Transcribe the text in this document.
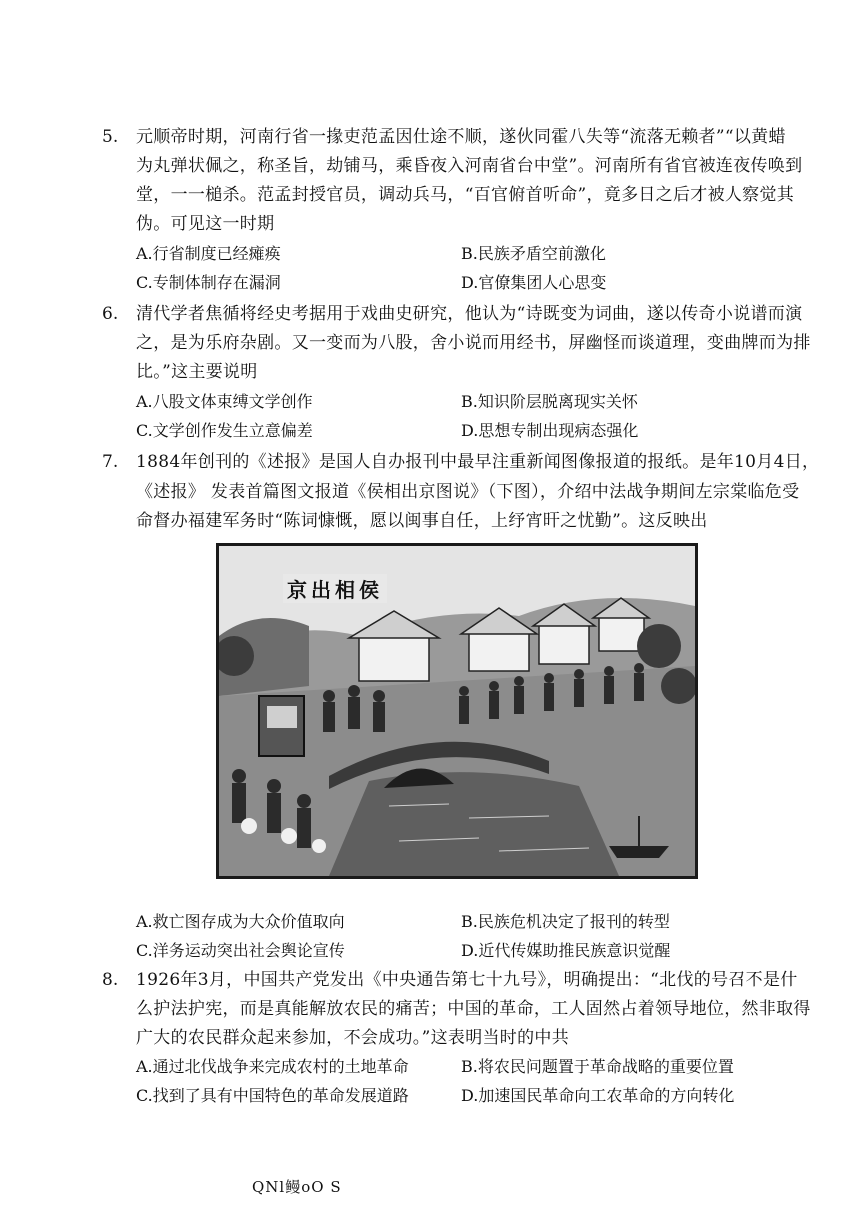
5. 元顺帝时期，河南行省一掾吏范孟因仕途不顺，遂伙同霍八失等“流落无赖者”“以黄蜡
为丸弹状佩之，称圣旨，劫铺马，乘昏夜入河南省台中堂”。河南所有省官被连夜传唤到
堂，一一槌杀。范孟封授官员，调动兵马，“百官俯首听命”，竟多日之后才被人察觉其
伪。可见这一时期
A.行省制度已经瘫痪	B.民族矛盾空前激化
C.专制体制存在漏洞	D.官僚集团人心思变
6. 清代学者焦循将经史考据用于戏曲史研究，他认为“诗既变为词曲，遂以传奇小说谱而演
之，是为乐府杂剧。又一变而为八股，舍小说而用经书，屏幽怪而谈道理，变曲牌而为排
比。”这主要说明
A.八股文体束缚文学创作	B.知识阶层脱离现实关怀
C.文学创作发生立意偏差	D.思想专制出现病态强化
7. 1884年创刊的《述报》是国人自办报刊中最早注重新闻图像报道的报纸。是年10月4日，
《述报》 发表首篇图文报道《侯相出京图说》（下图），介绍中法战争期间左宗棠临危受
命督办福建军务时“陈词慷慨，愿以闽事自任，上纾宵旰之忧勤”。这反映出
京出相侯
A.救亡图存成为大众价值取向	B.民族危机决定了报刊的转型
C.洋务运动突出社会舆论宣传	D.近代传媒助推民族意识觉醒
8. 1926年3月，中国共产党发出《中央通告第七十九号》，明确提出：“北伐的号召不是什
么护法护宪，而是真能解放农民的痛苦；中国的革命，工人固然占着领导地位，然非取得
广大的农民群众起来参加，不会成功。”这表明当时的中共
A.通过北伐战争来完成农村的土地革命	B.将农民问题置于革命战略的重要位置
C.找到了具有中国特色的革命发展道路	D.加速国民革命向工农革命的方向转化
QNl鳗oO S
